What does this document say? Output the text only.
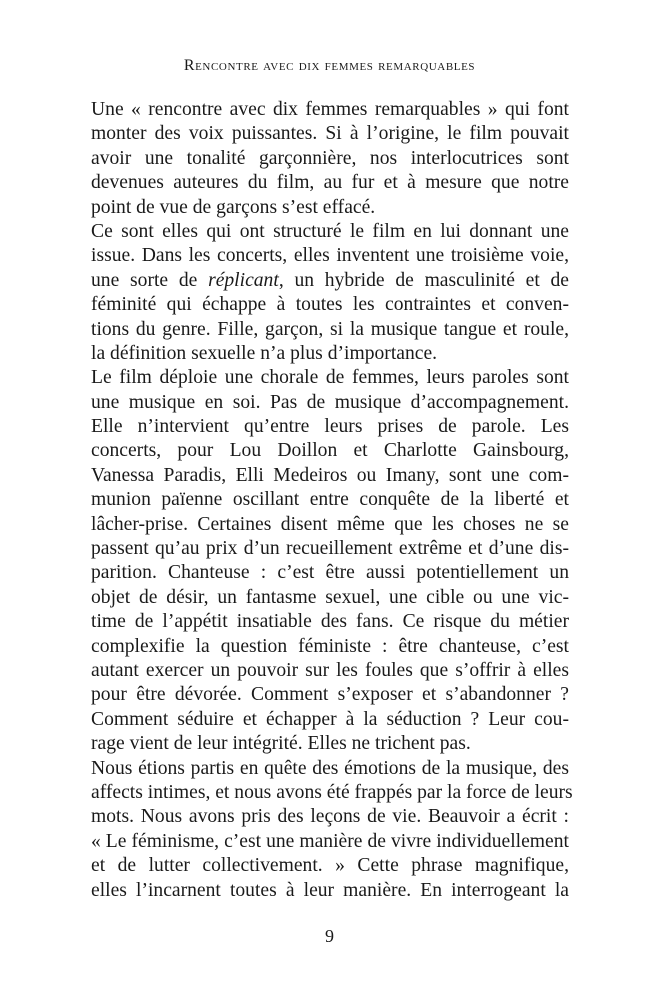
Rencontre avec dix femmes remarquables
Une « rencontre avec dix femmes remarquables » qui font
monter des voix puissantes. Si à l’origine, le film pouvait
avoir une tonalité garçonnière, nos interlocutrices sont
devenues auteures du film, au fur et à mesure que notre
point de vue de garçons s’est effacé.
Ce sont elles qui ont structuré le film en lui donnant une
issue. Dans les concerts, elles inventent une troisième voie,
une sorte de réplicant, un hybride de masculinité et de
féminité qui échappe à toutes les contraintes et conven-
tions du genre. Fille, garçon, si la musique tangue et roule,
la définition sexuelle n’a plus d’importance.
Le film déploie une chorale de femmes, leurs paroles sont
une musique en soi. Pas de musique d’accompagnement.
Elle n’intervient qu’entre leurs prises de parole. Les
concerts, pour Lou Doillon et Charlotte Gainsbourg,
Vanessa Paradis, Elli Medeiros ou Imany, sont une com-
munion païenne oscillant entre conquête de la liberté et
lâcher-prise. Certaines disent même que les choses ne se
passent qu’au prix d’un recueillement extrême et d’une dis-
parition. Chanteuse : c’est être aussi potentiellement un
objet de désir, un fantasme sexuel, une cible ou une vic-
time de l’appétit insatiable des fans. Ce risque du métier
complexifie la question féministe : être chanteuse, c’est
autant exercer un pouvoir sur les foules que s’offrir à elles
pour être dévorée. Comment s’exposer et s’abandonner ?
Comment séduire et échapper à la séduction ? Leur cou-
rage vient de leur intégrité. Elles ne trichent pas.
Nous étions partis en quête des émotions de la musique, des
affects intimes, et nous avons été frappés par la force de leurs
mots. Nous avons pris des leçons de vie. Beauvoir a écrit :
« Le féminisme, c’est une manière de vivre individuellement
et de lutter collectivement. » Cette phrase magnifique,
elles l’incarnent toutes à leur manière. En interrogeant la
9
